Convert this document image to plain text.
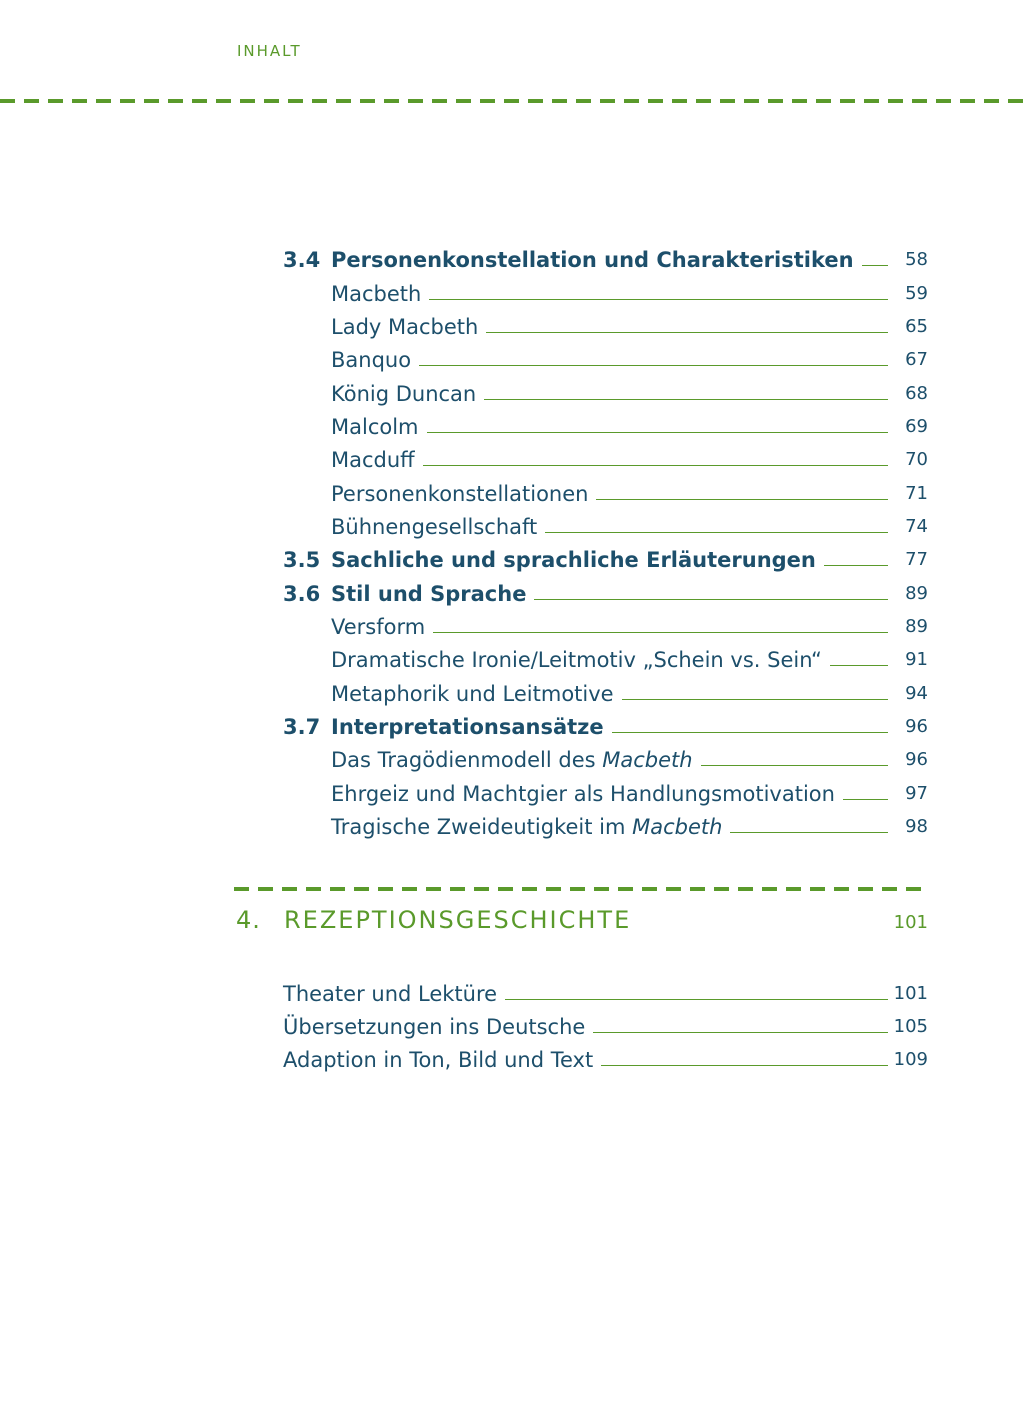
INHALT
3.4 Personenkonstellation und Charakteristiken	58
Macbeth	59
Lady Macbeth	65
Banquo	67
König Duncan	68
Malcolm	69
Macduff	70
Personenkonstellationen	71
Bühnengesellschaft	74
3.5 Sachliche und sprachliche Erläuterungen	77
3.6 Stil und Sprache	89
Versform	89
Dramatische Ironie/Leitmotiv „Schein vs. Sein“	91
Metaphorik und Leitmotive	94
3.7 Interpretationsansätze	96
Das Tragödienmodell des Macbeth	96
Ehrgeiz und Machtgier als Handlungsmotivation	97
Tragische Zweideutigkeit im Macbeth	98
4. REZEPTIONSGESCHICHTE	101
Theater und Lektüre	101
Übersetzungen ins Deutsche	105
Adaption in Ton, Bild und Text	109
